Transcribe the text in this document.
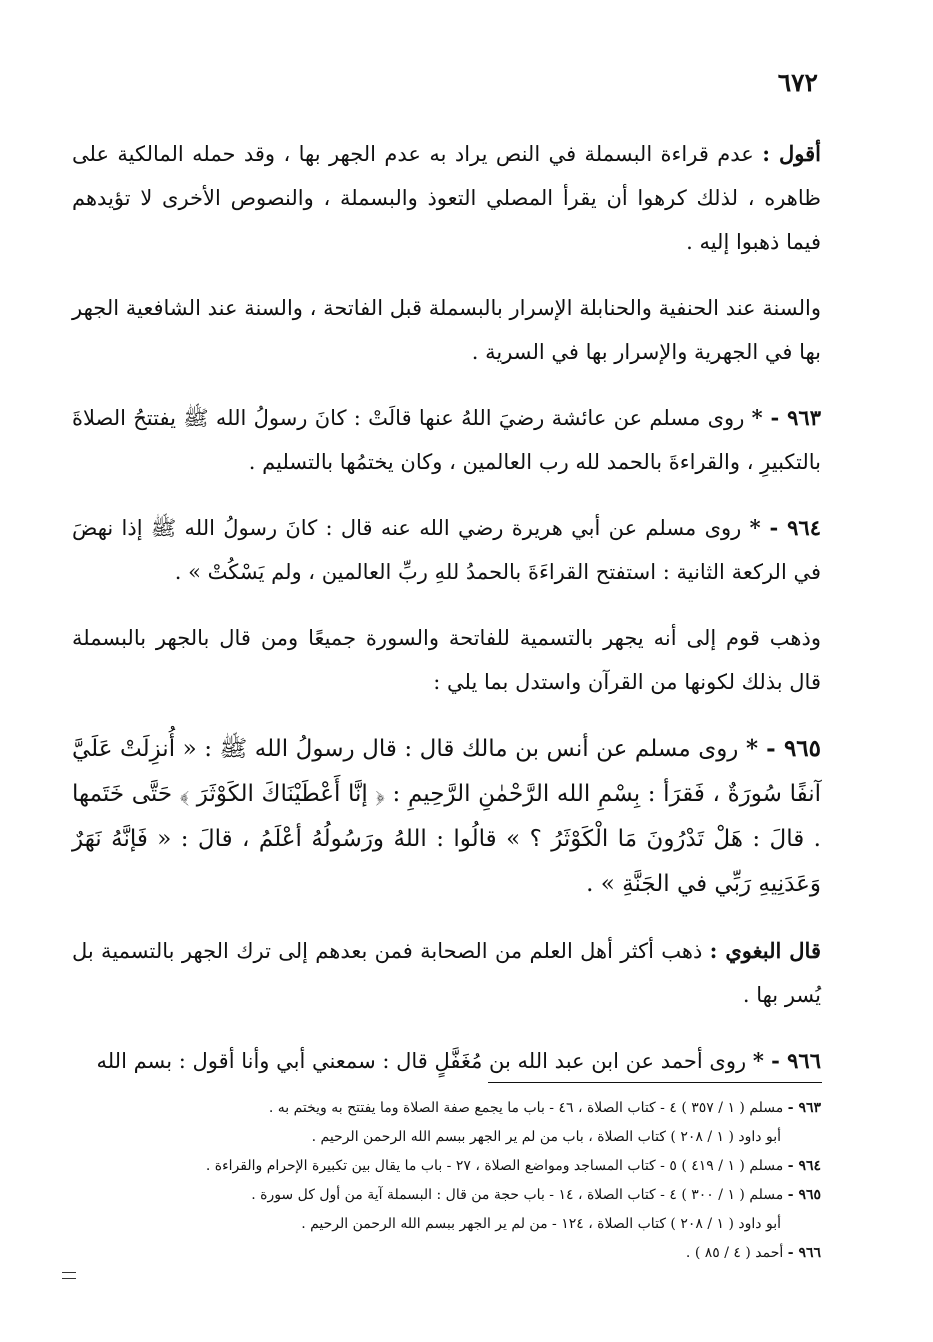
٦٧٢

أقول : عدم قراءة البسملة في النص يراد به عدم الجهر بها ، وقد حمله المالكية على ظاهره ، لذلك كرهوا أن يقرأ المصلي التعوذ والبسملة ، والنصوص الأخرى لا تؤيدهم فيما ذهبوا إليه .

والسنة عند الحنفية والحنابلة الإسرار بالبسملة قبل الفاتحة ، والسنة عند الشافعية الجهر بها في الجهرية والإسرار بها في السرية .

٩٦٣ - * روى مسلم عن عائشة رضيَ اللهُ عنها قالَتْ : كانَ رسولُ الله ﷺ يفتتحُ الصلاةَ بالتكبيرِ ، والقراءةَ بالحمد لله رب العالمين ، وكان يختمُها بالتسليم .

٩٦٤ - * روى مسلم عن أبي هريرة رضي الله عنه قال : كانَ رسولُ الله ﷺ إذا نهضَ في الركعة الثانية : استفتح القراءَةَ بالحمدُ للهِ ربِّ العالمين ، ولم يَسْكُتْ » .

وذهب قوم إلى أنه يجهر بالتسمية للفاتحة والسورة جميعًا ومن قال بالجهر بالبسملة قال بذلك لكونها من القرآن واستدل بما يلي :

٩٦٥ - * روى مسلم عن أنس بن مالك قال : قال رسولُ الله ﷺ : « أُنزِلَتْ عَلَيَّ آنفًا سُورَةٌ ، فَقرَأ : بِسْمِ الله الرَّحْمٰنِ الرَّحِيمِ : ﴿ إنَّا أَعْطَيْنَاكَ الكَوْثَرَ ﴾ حَتَّى خَتَمها . قالَ : هَلْ تَدْرُونَ مَا الْكَوْثَرُ ؟ » قالُوا : اللهُ ورَسُولُهُ أعْلَمُ ، قالَ : « فَإنَّهُ نَهَرٌ وَعَدَنِيهِ رَبِّي في الجَنَّةِ » .

قال البغوي : ذهب أكثر أهل العلم من الصحابة فمن بعدهم إلى ترك الجهر بالتسمية بل يُسر بها .

٩٦٦ - * روى أحمد عن ابن عبد الله بن مُغَفَّلٍ قال : سمعني أبي وأنا أقول : بسم الله

٩٦٣ - مسلم ( ١ / ٣٥٧ ) ٤ - كتاب الصلاة ، ٤٦ - باب ما يجمع صفة الصلاة وما يفتتح به ويختم به .

أبو داود ( ١ / ٢٠٨ ) كتاب الصلاة ، باب من لم ير الجهر ببسم الله الرحمن الرحيم .

٩٦٤ - مسلم ( ١ / ٤١٩ ) ٥ - كتاب المساجد ومواضع الصلاة ، ٢٧ - باب ما يقال بين تكبيرة الإحرام والقراءة .

٩٦٥ - مسلم ( ١ / ٣٠٠ ) ٤ - كتاب الصلاة ، ١٤ - باب حجة من قال : البسملة آية من أول كل سورة .

أبو داود ( ١ / ٢٠٨ ) كتاب الصلاة ، ١٢٤ - من لم ير الجهر ببسم الله الرحمن الرحيم .

٩٦٦ - أحمد ( ٤ / ٨٥ ) .
